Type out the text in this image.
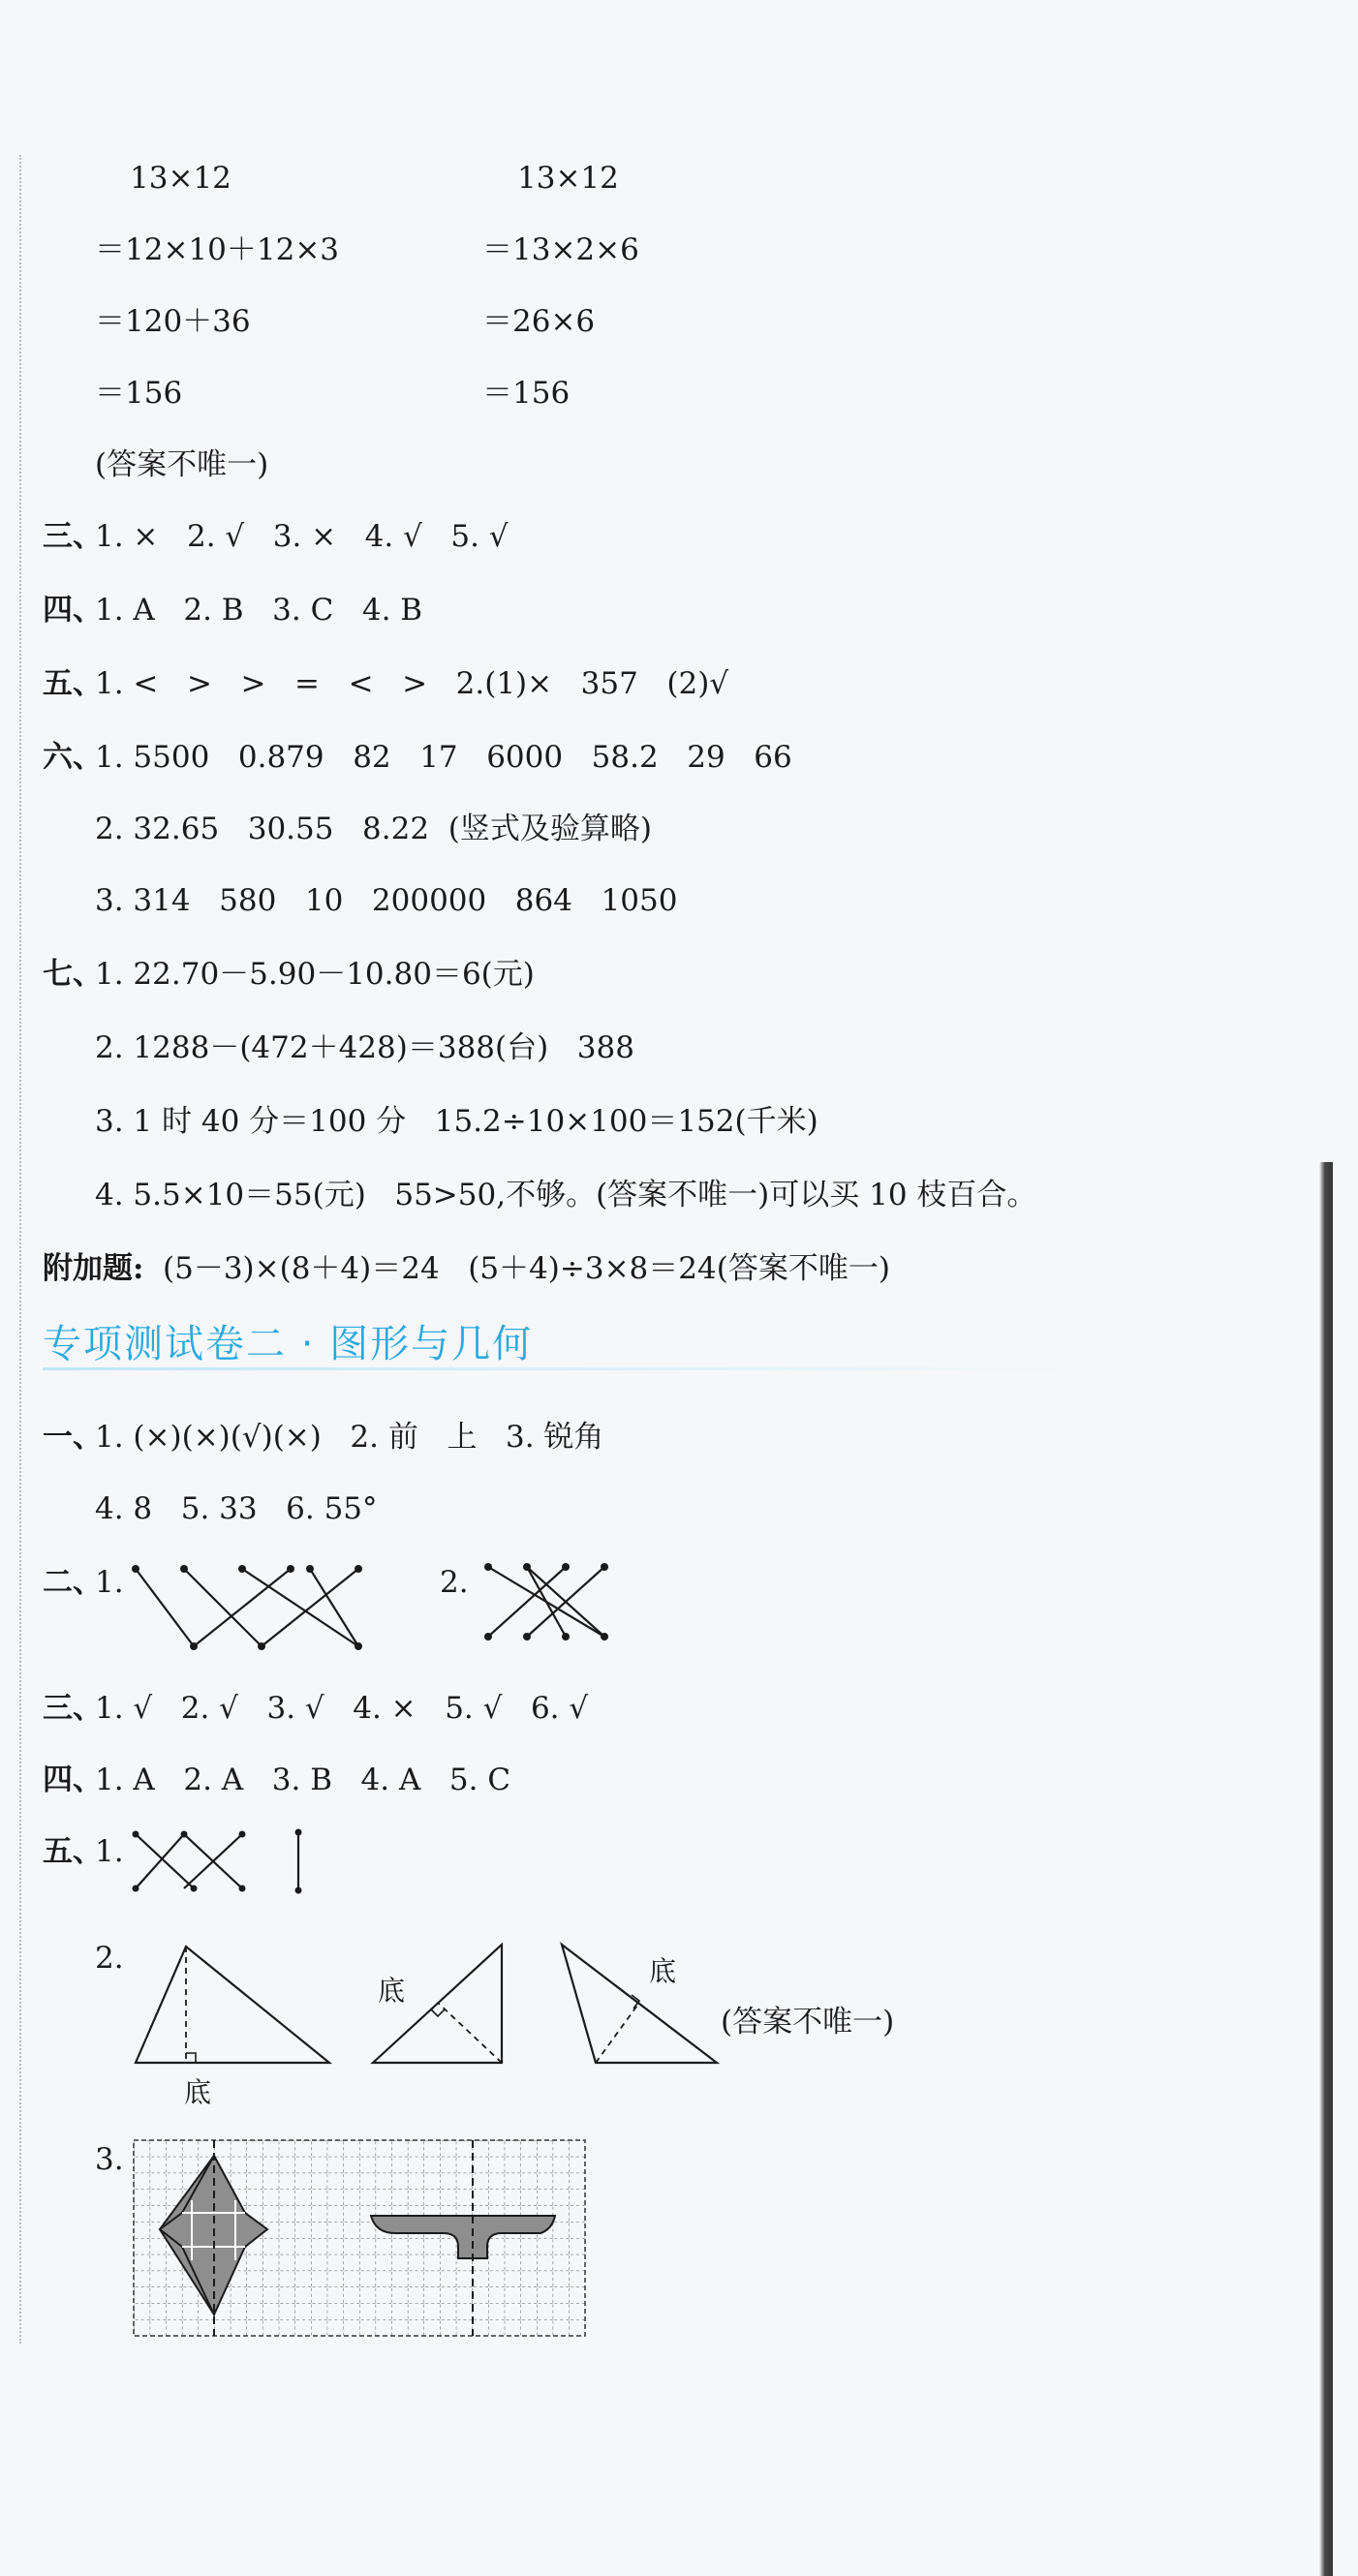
13×12
＝12×10＋12×3
＝120＋36
＝156
13×12
＝13×2×6
＝26×6
＝156
(答案不唯一)
三、
1. ×   2. √   3. ×   4. √   5. √
四、
1. A   2. B   3. C   4. B
五、
1. <   >   >   =   <   >   2.(1)×   357   (2)√
六、
1. 5500   0.879   82   17   6000   58.2   29   66
2. 32.65   30.55   8.22  (竖式及验算略)
3. 314   580   10   200000   864   1050
七、
1. 22.70－5.90－10.80＝6(元)
2. 1288－(472＋428)＝388(台)   388
3. 1 时 40 分＝100 分   15.2÷10×100＝152(千米)
4. 5.5×10＝55(元)   55>50,不够。(答案不唯一)可以买 10 枝百合。
附加题: (5－3)×(8＋4)＝24   (5＋4)÷3×8＝24(答案不唯一)
专项测试卷二 · 图形与几何
一、
1. (×)(×)(√)(×)   2. 前   上   3. 锐角
4. 8   5. 33   6. 55°
二、
1.	2.
三、
1. √   2. √   3. √   4. ×   5. √   6. √
四、
1. A   2. A   3. B   4. A   5. C
五、
1.
2.
底
底
底
(答案不唯一)
3.
